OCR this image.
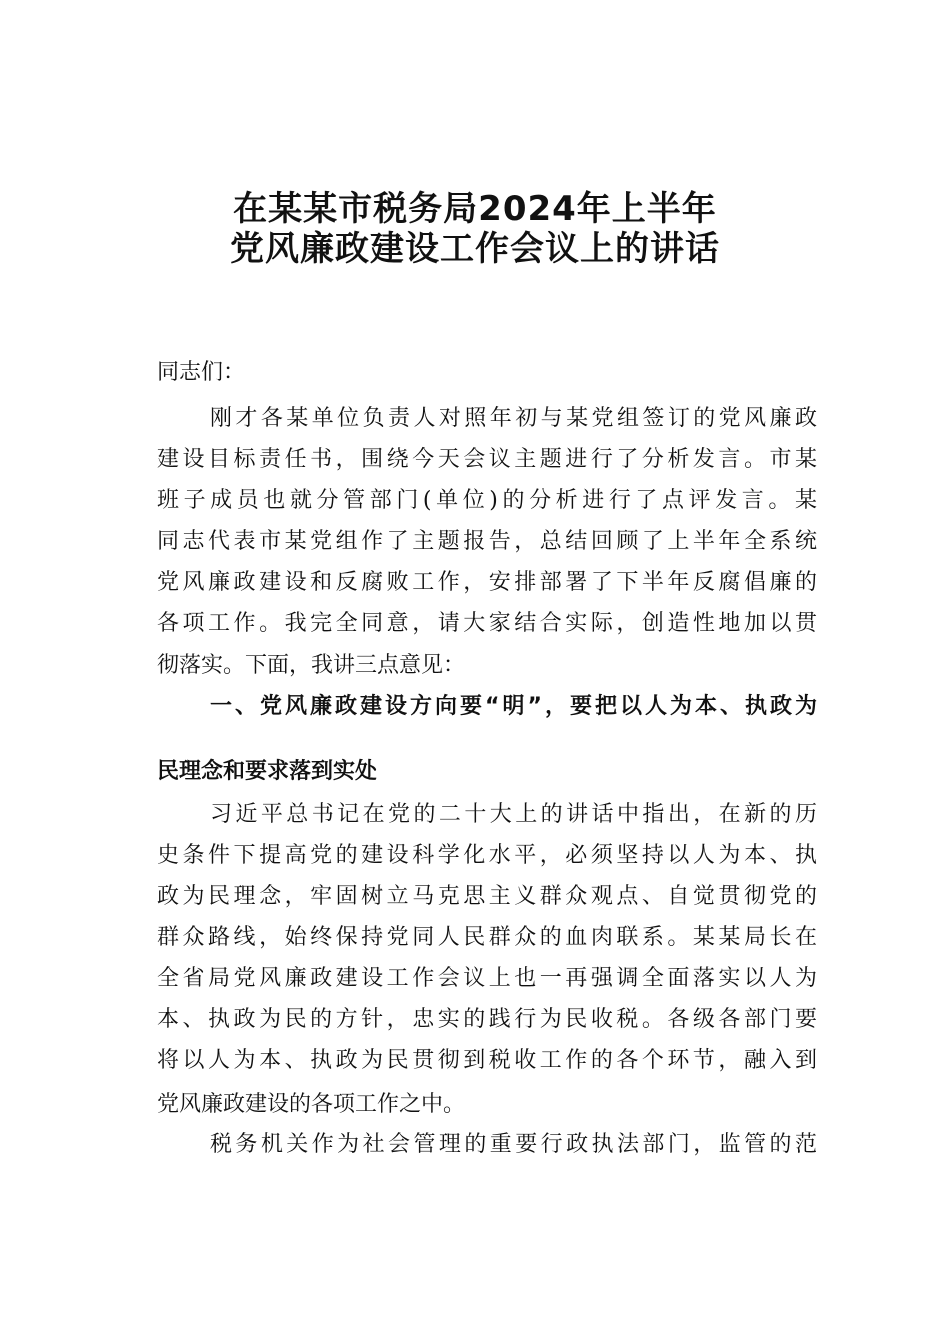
在某某市税务局2024年上半年
党风廉政建设工作会议上的讲话
同志们：
刚才各某单位负责人对照年初与某党组签订的党风廉政
建设目标责任书，围绕今天会议主题进行了分析发言。市某
班子成员也就分管部门(单位)的分析进行了点评发言。某
同志代表市某党组作了主题报告，总结回顾了上半年全系统
党风廉政建设和反腐败工作，安排部署了下半年反腐倡廉的
各项工作。我完全同意，请大家结合实际，创造性地加以贯
彻落实。下面，我讲三点意见：
一、党风廉政建设方向要“明”，要把以人为本、执政为
民理念和要求落到实处
习近平总书记在党的二十大上的讲话中指出，在新的历
史条件下提高党的建设科学化水平，必须坚持以人为本、执
政为民理念，牢固树立马克思主义群众观点、自觉贯彻党的
群众路线，始终保持党同人民群众的血肉联系。某某局长在
全省局党风廉政建设工作会议上也一再强调全面落实以人为
本、执政为民的方针，忠实的践行为民收税。各级各部门要
将以人为本、执政为民贯彻到税收工作的各个环节，融入到
党风廉政建设的各项工作之中。
税务机关作为社会管理的重要行政执法部门，监管的范
